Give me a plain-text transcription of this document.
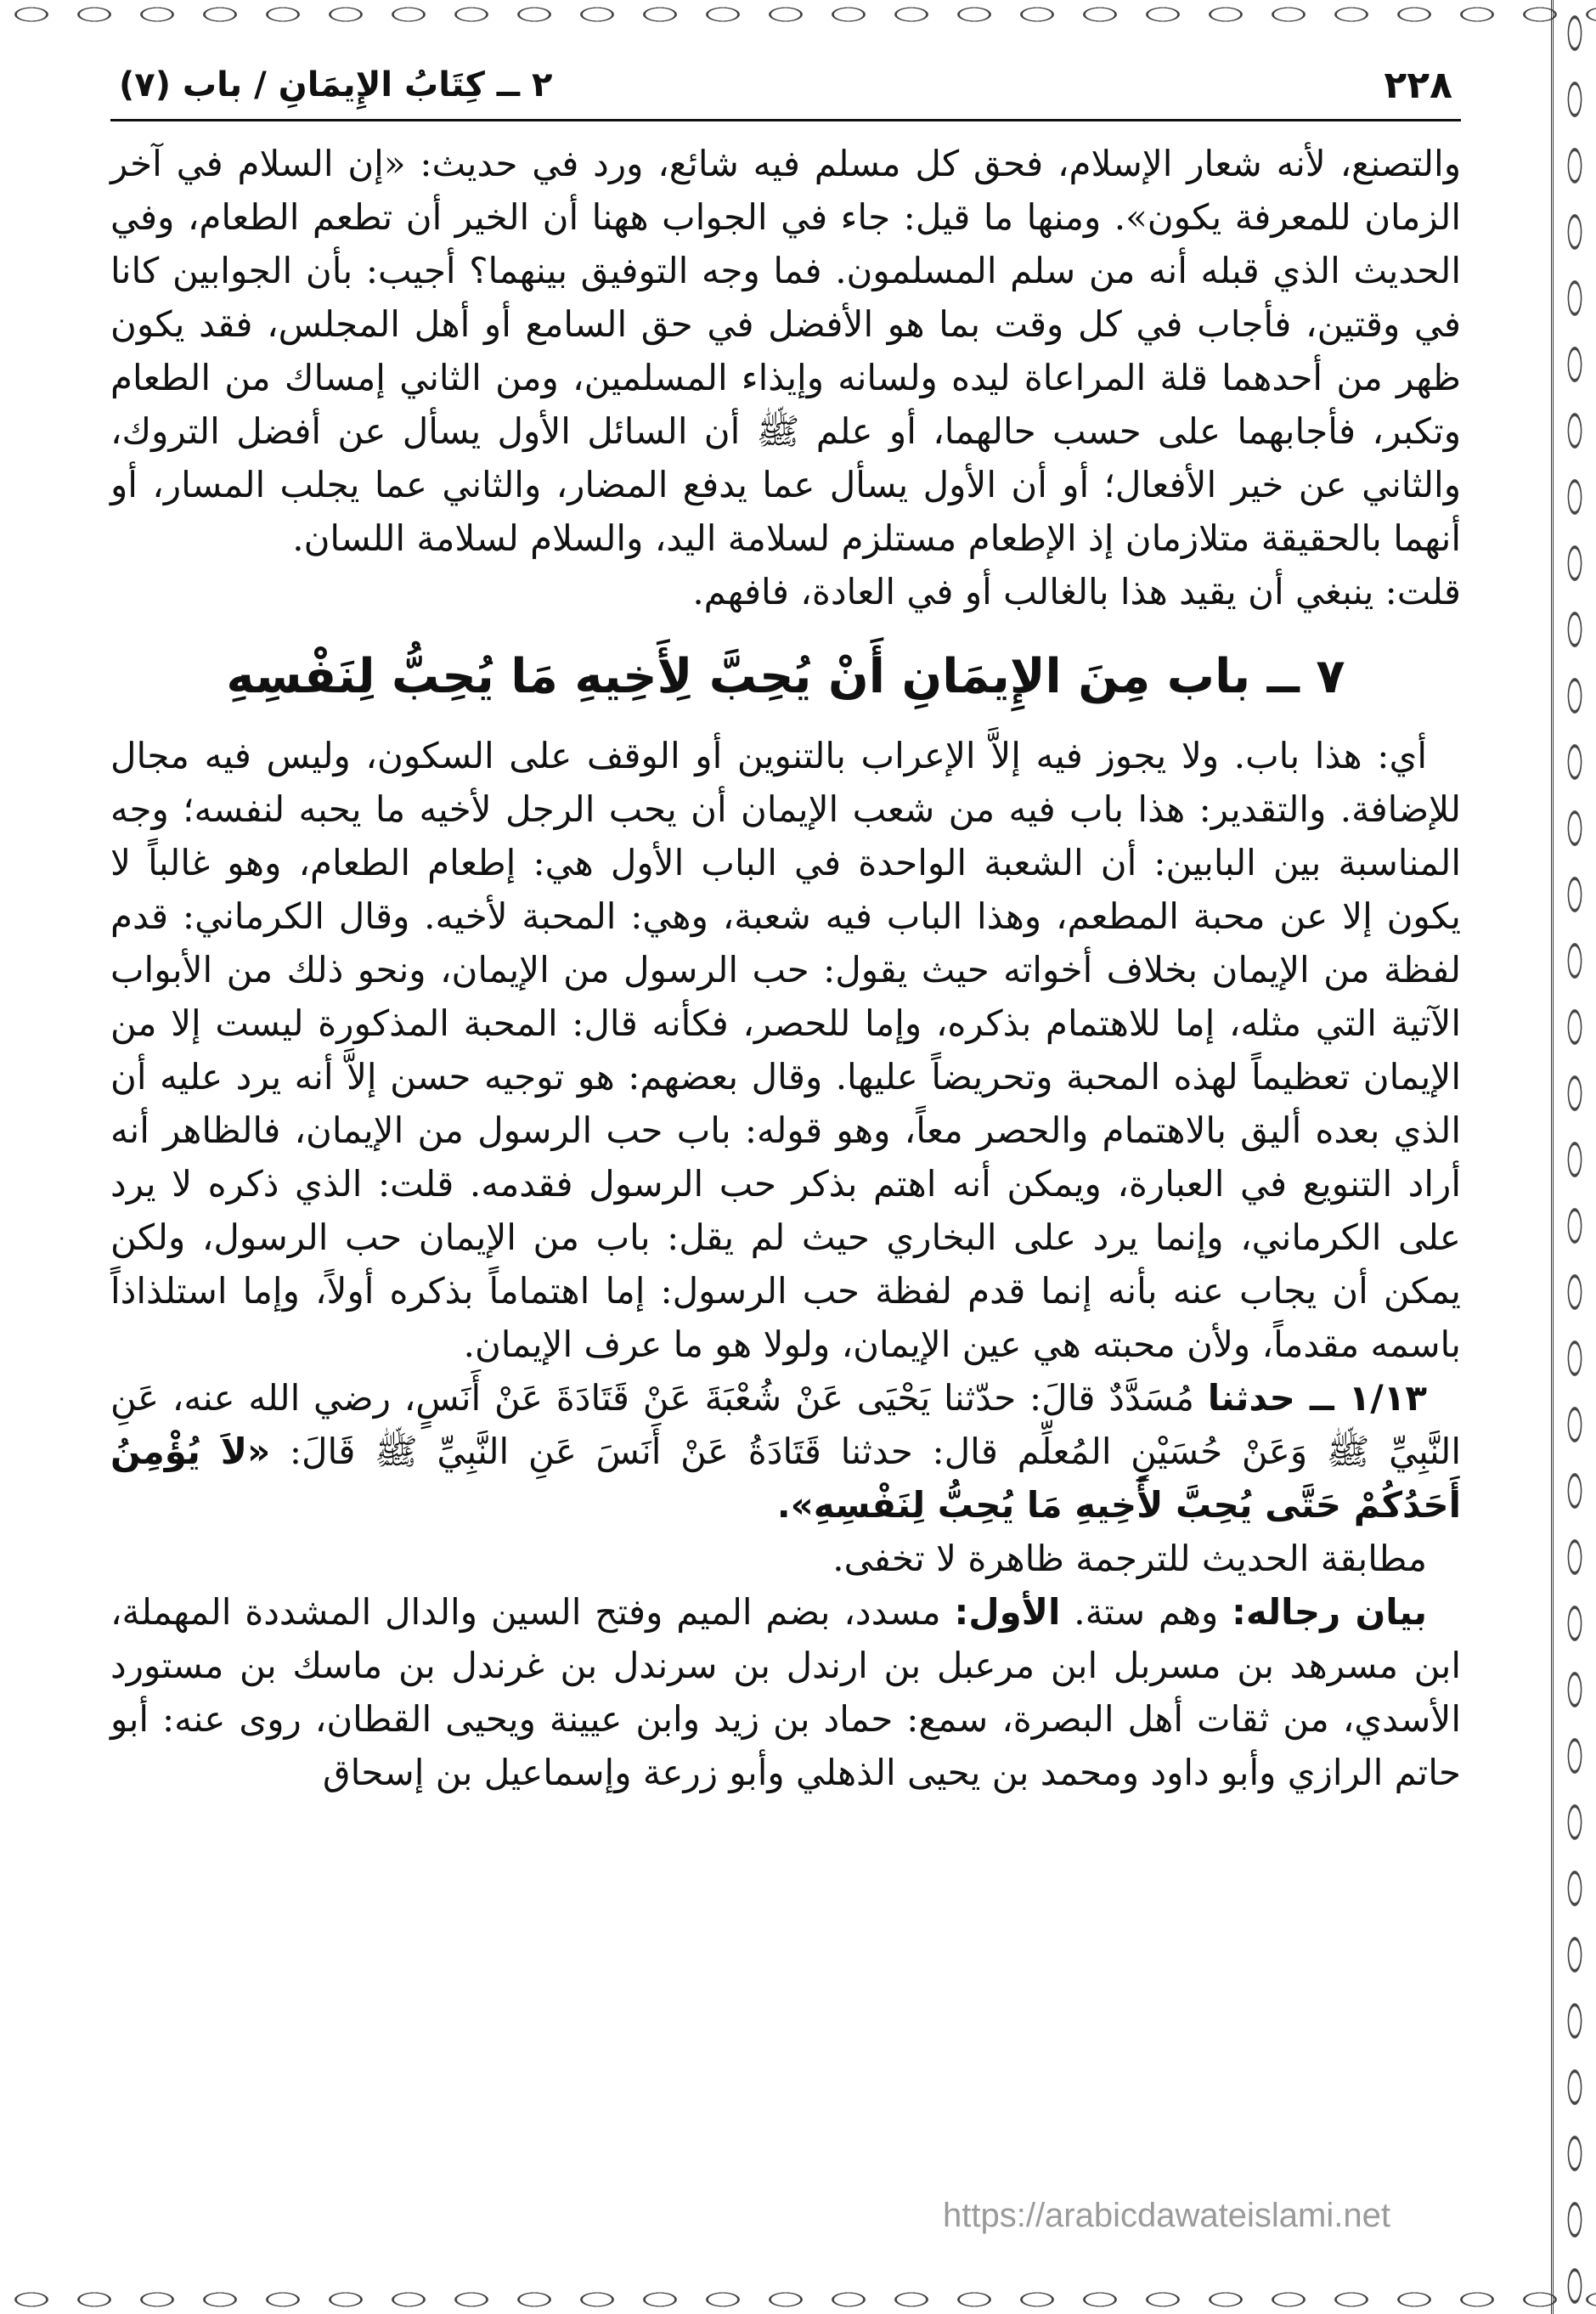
٢٢٨
٢ ــ كِتَابُ الإِيمَانِ / باب (٧)

والتصنع، لأنه شعار الإسلام، فحق كل مسلم فيه شائع، ورد في حديث: «إن السلام في آخر الزمان للمعرفة يكون». ومنها ما قيل: جاء في الجواب ههنا أن الخير أن تطعم الطعام، وفي الحديث الذي قبله أنه من سلم المسلمون. فما وجه التوفيق بينهما؟ أجيب: بأن الجوابين كانا في وقتين، فأجاب في كل وقت بما هو الأفضل في حق السامع أو أهل المجلس، فقد يكون ظهر من أحدهما قلة المراعاة ليده ولسانه وإيذاء المسلمين، ومن الثاني إمساك من الطعام وتكبر، فأجابهما على حسب حالهما، أو علم ﷺ أن السائل الأول يسأل عن أفضل التروك، والثاني عن خير الأفعال؛ أو أن الأول يسأل عما يدفع المضار، والثاني عما يجلب المسار، أو أنهما بالحقيقة متلازمان إذ الإطعام مستلزم لسلامة اليد، والسلام لسلامة اللسان.

قلت: ينبغي أن يقيد هذا بالغالب أو في العادة، فافهم.

٧ ــ باب مِنَ الإِيمَانِ أَنْ يُحِبَّ لِأَخِيهِ مَا يُحِبُّ لِنَفْسِهِ

أي: هذا باب. ولا يجوز فيه إلاَّ الإعراب بالتنوين أو الوقف على السكون، وليس فيه مجال للإضافة. والتقدير: هذا باب فيه من شعب الإيمان أن يحب الرجل لأخيه ما يحبه لنفسه؛ وجه المناسبة بين البابين: أن الشعبة الواحدة في الباب الأول هي: إطعام الطعام، وهو غالباً لا يكون إلا عن محبة المطعم، وهذا الباب فيه شعبة، وهي: المحبة لأخيه. وقال الكرماني: قدم لفظة من الإيمان بخلاف أخواته حيث يقول: حب الرسول من الإيمان، ونحو ذلك من الأبواب الآتية التي مثله، إما للاهتمام بذكره، وإما للحصر، فكأنه قال: المحبة المذكورة ليست إلا من الإيمان تعظيماً لهذه المحبة وتحريضاً عليها. وقال بعضهم: هو توجيه حسن إلاَّ أنه يرد عليه أن الذي بعده أليق بالاهتمام والحصر معاً، وهو قوله: باب حب الرسول من الإيمان، فالظاهر أنه أراد التنويع في العبارة، ويمكن أنه اهتم بذكر حب الرسول فقدمه. قلت: الذي ذكره لا يرد على الكرماني، وإنما يرد على البخاري حيث لم يقل: باب من الإيمان حب الرسول، ولكن يمكن أن يجاب عنه بأنه إنما قدم لفظة حب الرسول: إما اهتماماً بذكره أولاً، وإما استلذاذاً باسمه مقدماً، ولأن محبته هي عين الإيمان، ولولا هو ما عرف الإيمان.

١/١٣ ــ حدثنا مُسَدَّدٌ قالَ: حدّثنا يَحْيَى عَنْ شُعْبَةَ عَنْ قَتَادَةَ عَنْ أَنَسٍ، رضي الله عنه، عَنِ النَّبِيِّ ﷺ وَعَنْ حُسَيْنٍ المُعلِّم قال: حدثنا قَتَادَةُ عَنْ أَنَسَ عَنِ النَّبِيِّ ﷺ قَالَ: «لاَ يُؤْمِنُ أَحَدُكُمْ حَتَّى يُحِبَّ لأَخِيهِ مَا يُحِبُّ لِنَفْسِهِ».

مطابقة الحديث للترجمة ظاهرة لا تخفى.

بيان رجاله: وهم ستة. الأول: مسدد، بضم الميم وفتح السين والدال المشددة المهملة، ابن مسرهد بن مسربل ابن مرعبل بن ارندل بن سرندل بن غرندل بن ماسك بن مستورد الأسدي، من ثقات أهل البصرة، سمع: حماد بن زيد وابن عيينة ويحيى القطان، روى عنه: أبو حاتم الرازي وأبو داود ومحمد بن يحيى الذهلي وأبو زرعة وإسماعيل بن إسحاق

https://arabicdawateislami.net
